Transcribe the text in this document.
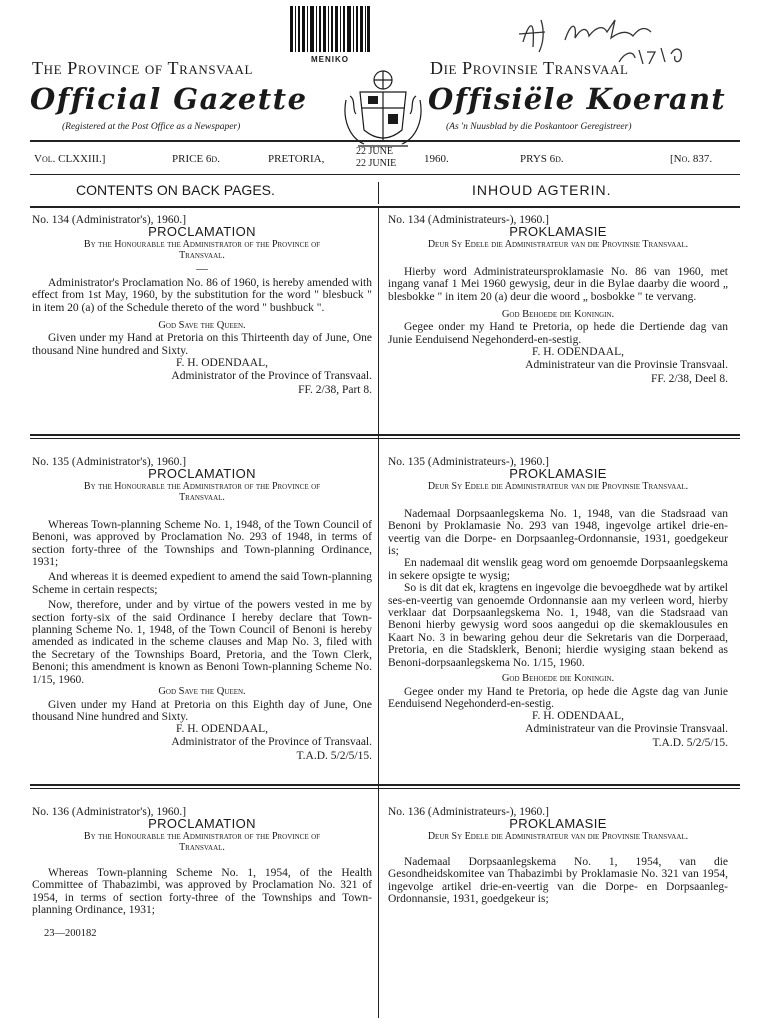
MENIKO
The Province of Transvaal	Die Provinsie Transvaal
Official Gazette	Offisiële Koerant
(Registered at the Post Office as a Newspaper)	(As 'n Nuusblad by die Poskantoor Geregistreer)
Vol. CLXXIII.]	PRICE 6d.	PRETORIA,
22 JUNE
22 JUNIE	1960.	PRYS 6d.	[No. 837.
CONTENTS ON BACK PAGES.	INHOUD AGTERIN.

No. 134 (Administrator's), 1960.]

PROCLAMATION

By the Honourable the Administrator of the Province of Transvaal.

—

Administrator's Proclamation No. 86 of 1960, is hereby amended with effect from 1st May, 1960, by the substitution for the word " blesbuck " in item 20 (a) of the Schedule thereto of the word " bushbuck ".

God Save the Queen.

Given under my Hand at Pretoria on this Thirteenth day of June, One thousand Nine hundred and Sixty.

F. H. ODENDAAL,

Administrator of the Province of Transvaal.

FF. 2/38, Part 8.

No. 134 (Administrateurs-), 1960.]

PROKLAMASIE

Deur Sy Edele die Administrateur van die Provinsie Transvaal.

Hierby word Administrateursproklamasie No. 86 van 1960, met ingang vanaf 1 Mei 1960 gewysig, deur in die Bylae daarby die woord „ blesbokke " in item 20 (a) deur die woord „ bosbokke " te vervang.

God Behoede die Koningin.

Gegee onder my Hand te Pretoria, op hede die Dertiende dag van Junie Eenduisend Negehonderd-en-sestig.

F. H. ODENDAAL,

Administrateur van die Provinsie Transvaal.

FF. 2/38, Deel 8.

No. 135 (Administrator's), 1960.]

PROCLAMATION

By the Honourable the Administrator of the Province of Transvaal.

Whereas Town-planning Scheme No. 1, 1948, of the Town Council of Benoni, was approved by Proclamation No. 293 of 1948, in terms of section forty-three of the Townships and Town-planning Ordinance, 1931;

And whereas it is deemed expedient to amend the said Town-planning Scheme in certain respects;

Now, therefore, under and by virtue of the powers vested in me by section forty-six of the said Ordinance I hereby declare that Town-planning Scheme No. 1, 1948, of the Town Council of Benoni is hereby amended as indicated in the scheme clauses and Map No. 3, filed with the Secretary of the Townships Board, Pretoria, and the Town Clerk, Benoni; this amendment is known as Benoni Town-planning Scheme No. 1/15, 1960.

God Save the Queen.

Given under my Hand at Pretoria on this Eighth day of June, One thousand Nine hundred and Sixty.

F. H. ODENDAAL,

Administrator of the Province of Transvaal.

T.A.D. 5/2/5/15.

No. 135 (Administrateurs-), 1960.]

PROKLAMASIE

Deur Sy Edele die Administrateur van die Provinsie Transvaal.

Nademaal Dorpsaanlegskema No. 1, 1948, van die Stadsraad van Benoni by Proklamasie No. 293 van 1948, ingevolge artikel drie-en-veertig van die Dorpe- en Dorpsaanleg-Ordonnansie, 1931, goedgekeur is;

En nademaal dit wenslik geag word om genoemde Dorpsaanlegskema in sekere opsigte te wysig;

So is dit dat ek, kragtens en ingevolge die bevoegdhede wat by artikel ses-en-veertig van genoemde Ordonnansie aan my verleen word, hierby verklaar dat Dorpsaanlegskema No. 1, 1948, van die Stadsraad van Benoni hierby gewysig word soos aangedui op die skemaklousules en Kaart No. 3 in bewaring gehou deur die Sekretaris van die Dorperaad, Pretoria, en die Stadsklerk, Benoni; hierdie wysiging staan bekend as Benoni-dorpsaanlegskema No. 1/15, 1960.

God Behoede die Koningin.

Gegee onder my Hand te Pretoria, op hede die Agste dag van Junie Eenduisend Negehonderd-en-sestig.

F. H. ODENDAAL,

Administrateur van die Provinsie Transvaal.

T.A.D. 5/2/5/15.

No. 136 (Administrator's), 1960.]

PROCLAMATION

By the Honourable the Administrator of the Province of Transvaal.

Whereas Town-planning Scheme No. 1, 1954, of the Health Committee of Thabazimbi, was approved by Proclamation No. 321 of 1954, in terms of section forty-three of the Townships and Town-planning Ordinance, 1931;

No. 136 (Administrateurs-), 1960.]

PROKLAMASIE

Deur Sy Edele die Administrateur van die Provinsie Transvaal.

Nademaal Dorpsaanlegskema No. 1, 1954, van die Gesondheidskomitee van Thabazimbi by Proklamasie No. 321 van 1954, ingevolge artikel drie-en-veertig van die Dorpe- en Dorpsaanleg-Ordonnansie, 1931, goedgekeur is;

23—200182
